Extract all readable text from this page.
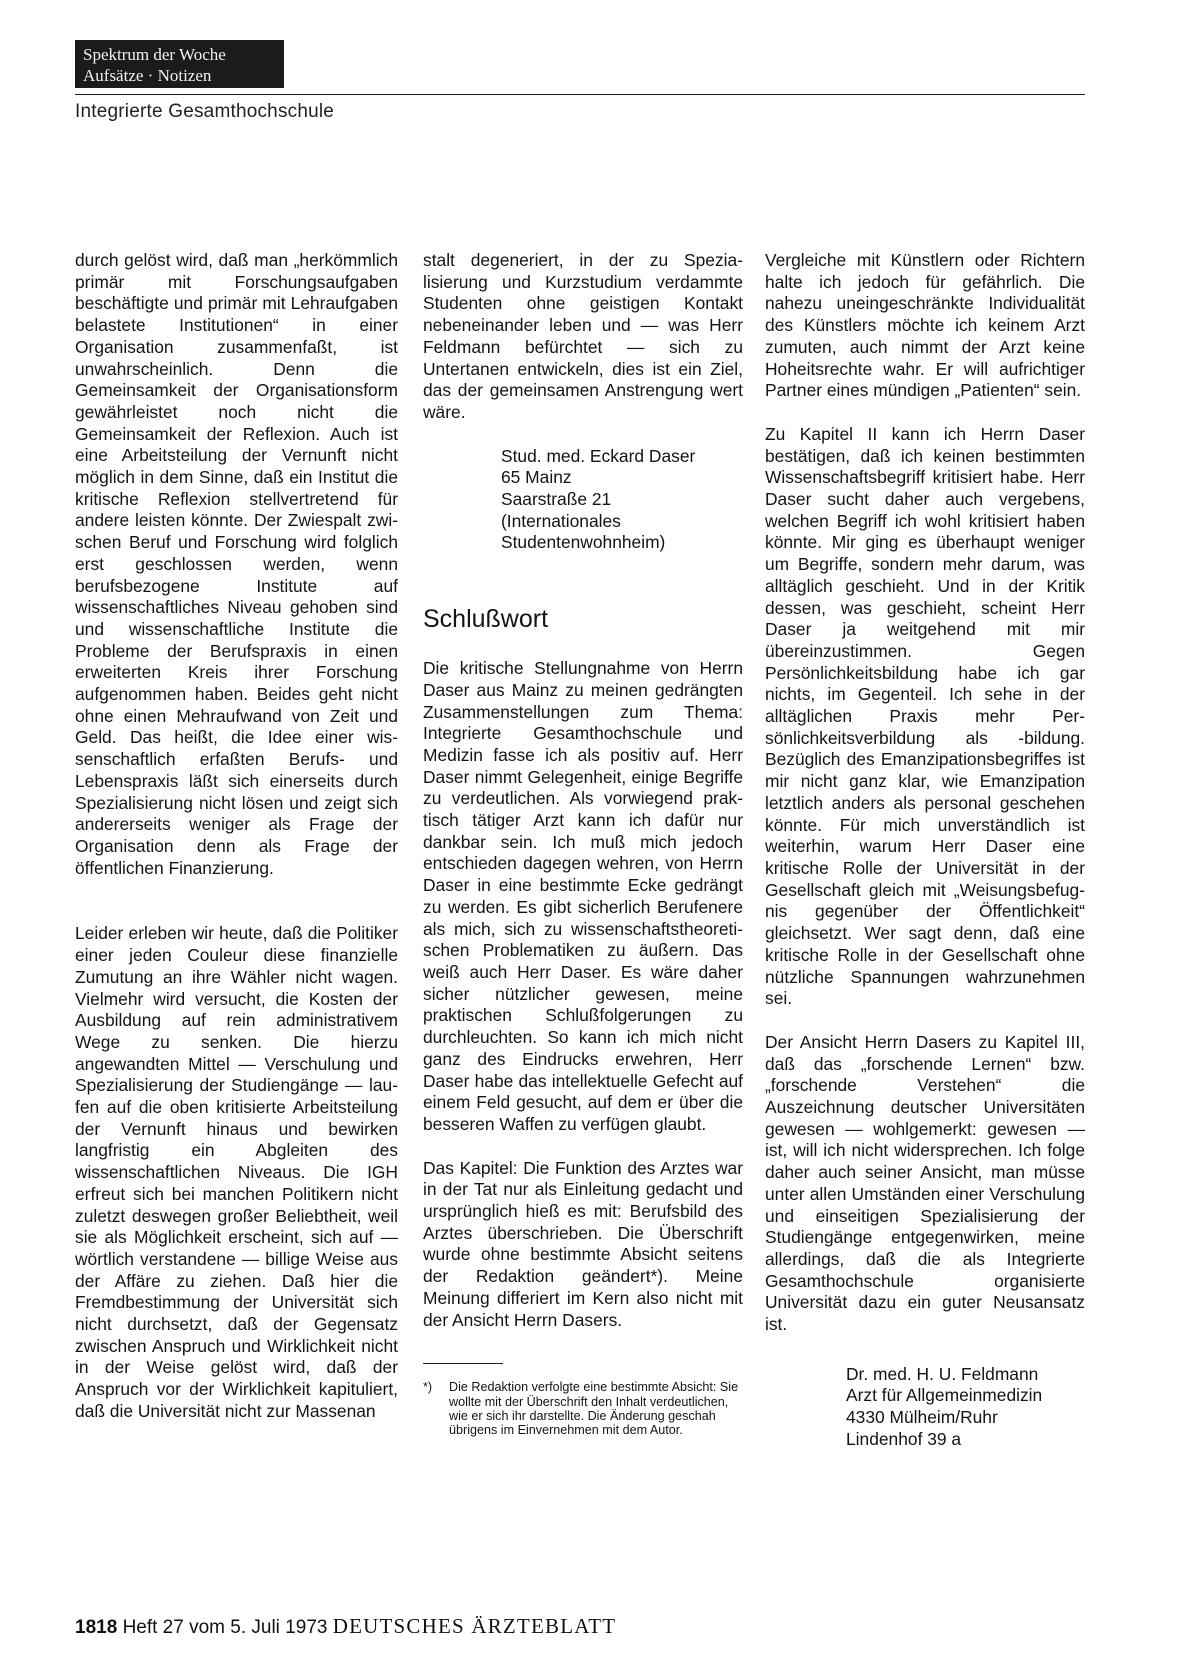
Spektrum der Woche
Aufsätze · Notizen
Integrierte Gesamthochschule

durch gelöst wird, daß man „herkömmlich primär mit Forschungsaufgaben beschäftigte und primär mit Lehraufgaben belastete Institutionen“ in einer Organisation zusammenfaßt, ist unwahrscheinlich. Denn die Gemeinsamkeit der Organisationsform gewährleistet noch nicht die Gemeinsamkeit der Reflexion. Auch ist eine Arbeitsteilung der Vernunft nicht möglich in dem Sinne, daß ein Institut die kritische Reflexion stellvertretend für andere leisten könnte. Der Zwiespalt zwischen Beruf und Forschung wird folglich erst geschlossen werden, wenn berufsbezogene Institute auf wissenschaftliches Niveau gehoben sind und wissenschaftliche Institute die Probleme der Berufspraxis in einen erweiterten Kreis ihrer Forschung aufgenommen haben. Beides geht nicht ohne einen Mehraufwand von Zeit und Geld. Das heißt, die Idee einer wissenschaftlich erfaßten Berufs- und Lebenspraxis läßt sich einerseits durch Spezialisierung nicht lösen und zeigt sich andererseits weniger als Frage der Organisation denn als Frage der öffentlichen Finanzierung.

Leider erleben wir heute, daß die Politiker einer jeden Couleur diese finanzielle Zumutung an ihre Wähler nicht wagen. Vielmehr wird versucht, die Kosten der Ausbildung auf rein administrativem Wege zu senken. Die hierzu angewandten Mittel — Verschulung und Spezialisierung der Studiengänge — laufen auf die oben kritisierte Arbeitsteilung der Vernunft hinaus und bewirken langfristig ein Abgleiten des wissenschaftlichen Niveaus. Die IGH erfreut sich bei manchen Politikern nicht zuletzt deswegen großer Beliebtheit, weil sie als Möglichkeit erscheint, sich auf — wörtlich verstandene — billige Weise aus der Affäre zu ziehen. Daß hier die Fremdbestimmung der Universität sich nicht durchsetzt, daß der Gegensatz zwischen Anspruch und Wirklichkeit nicht in der Weise gelöst wird, daß der Anspruch vor der Wirklichkeit kapituliert, daß die Universität nicht zur Massenan

stalt degeneriert, in der zu Spezialisierung und Kurzstudium verdammte Studenten ohne geistigen Kontakt nebeneinander leben und — was Herr Feldmann befürchtet — sich zu Untertanen entwickeln, dies ist ein Ziel, das der gemeinsamen Anstrengung wert wäre.

Stud. med. Eckard Daser
65 Mainz
Saarstraße 21
(Internationales
Studentenwohnheim)
Schlußwort

Die kritische Stellungnahme von Herrn Daser aus Mainz zu meinen gedrängten Zusammenstellungen zum Thema: Integrierte Gesamthochschule und Medizin fasse ich als positiv auf. Herr Daser nimmt Gelegenheit, einige Begriffe zu verdeutlichen. Als vorwiegend praktisch tätiger Arzt kann ich dafür nur dankbar sein. Ich muß mich jedoch entschieden dagegen wehren, von Herrn Daser in eine bestimmte Ecke gedrängt zu werden. Es gibt sicherlich Berufenere als mich, sich zu wissenschaftstheoretischen Problematiken zu äußern. Das weiß auch Herr Daser. Es wäre daher sicher nützlicher gewesen, meine praktischen Schlußfolgerungen zu durchleuchten. So kann ich mich nicht ganz des Eindrucks erwehren, Herr Daser habe das intellektuelle Gefecht auf einem Feld gesucht, auf dem er über die besseren Waffen zu verfügen glaubt.

Das Kapitel: Die Funktion des Arztes war in der Tat nur als Einleitung gedacht und ursprünglich hieß es mit: Berufsbild des Arztes überschrieben. Die Überschrift wurde ohne bestimmte Absicht seitens der Redaktion geändert*). Meine Meinung differiert im Kern also nicht mit der Ansicht Herrn Dasers.

*)	Die Redaktion verfolgte eine bestimmte Absicht: Sie wollte mit der Überschrift den Inhalt verdeutlichen, wie er sich ihr darstellte. Die Änderung geschah übrigens im Einvernehmen mit dem Autor.

Vergleiche mit Künstlern oder Richtern halte ich jedoch für gefährlich. Die nahezu uneingeschränkte Individualität des Künstlers möchte ich keinem Arzt zumuten, auch nimmt der Arzt keine Hoheitsrechte wahr. Er will aufrichtiger Partner eines mündigen „Patienten“ sein.

Zu Kapitel II kann ich Herrn Daser bestätigen, daß ich keinen bestimmten Wissenschaftsbegriff kritisiert habe. Herr Daser sucht daher auch vergebens, welchen Begriff ich wohl kritisiert haben könnte. Mir ging es überhaupt weniger um Begriffe, sondern mehr darum, was alltäglich geschieht. Und in der Kritik dessen, was geschieht, scheint Herr Daser ja weitgehend mit mir übereinzustimmen. Gegen Persönlichkeitsbildung habe ich gar nichts, im Gegenteil. Ich sehe in der alltäglichen Praxis mehr Persönlichkeitsverbildung als -bildung. Bezüglich des Emanzipationsbegriffes ist mir nicht ganz klar, wie Emanzipation letztlich anders als personal geschehen könnte. Für mich unverständlich ist weiterhin, warum Herr Daser eine kritische Rolle der Universität in der Gesellschaft gleich mit „Weisungsbefugnis gegenüber der Öffentlichkeit“ gleichsetzt. Wer sagt denn, daß eine kritische Rolle in der Gesellschaft ohne nützliche Spannungen wahrzunehmen sei.

Der Ansicht Herrn Dasers zu Kapitel III, daß das „forschende Lernen“ bzw. „forschende Verstehen“ die Auszeichnung deutscher Universitäten gewesen — wohlgemerkt: gewesen — ist, will ich nicht widersprechen. Ich folge daher auch seiner Ansicht, man müsse unter allen Umständen einer Verschulung und einseitigen Spezialisierung der Studiengänge entgegenwirken, meine allerdings, daß die als Integrierte Gesamthochschule organisierte Universität dazu ein guter Neusansatz ist.

Dr. med. H. U. Feldmann
Arzt für Allgemeinmedizin
4330 Mülheim/Ruhr
Lindenhof 39 a
1818 Heft 27 vom 5. Juli 1973 DEUTSCHES ÄRZTEBLATT
